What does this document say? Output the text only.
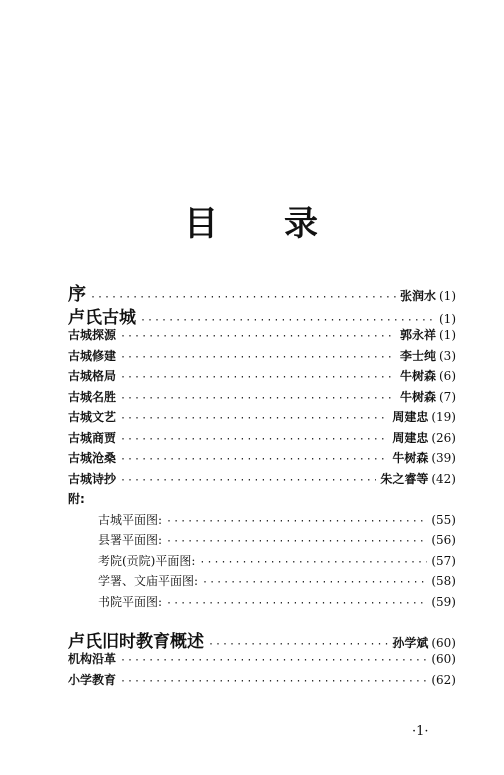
目 录
序 ·····	张润水 (1)
卢氏古城 ·····	(1)
古城探源 ·····	郭永祥 (1)
古城修建 ·····	李士纯 (3)
古城格局 ·····	牛树森 (6)
古城名胜 ·····	牛树森 (7)
古城文艺 ·····	周建忠 (19)
古城商贾 ·····	周建忠 (26)
古城沧桑 ·····	牛树森 (39)
古城诗抄 ·····	朱之睿等 (42)
附:
古城平面图: ·····	(55)
县署平面图: ·····	(56)
考院(贡院)平面图: ·····	(57)
学署、文庙平面图: ·····	(58)
书院平面图: ·····	(59)
卢氏旧时教育概述 ·····	孙学斌 (60)
机构沿革 ·····	(60)
小学教育 ·····	(62)
·1·
